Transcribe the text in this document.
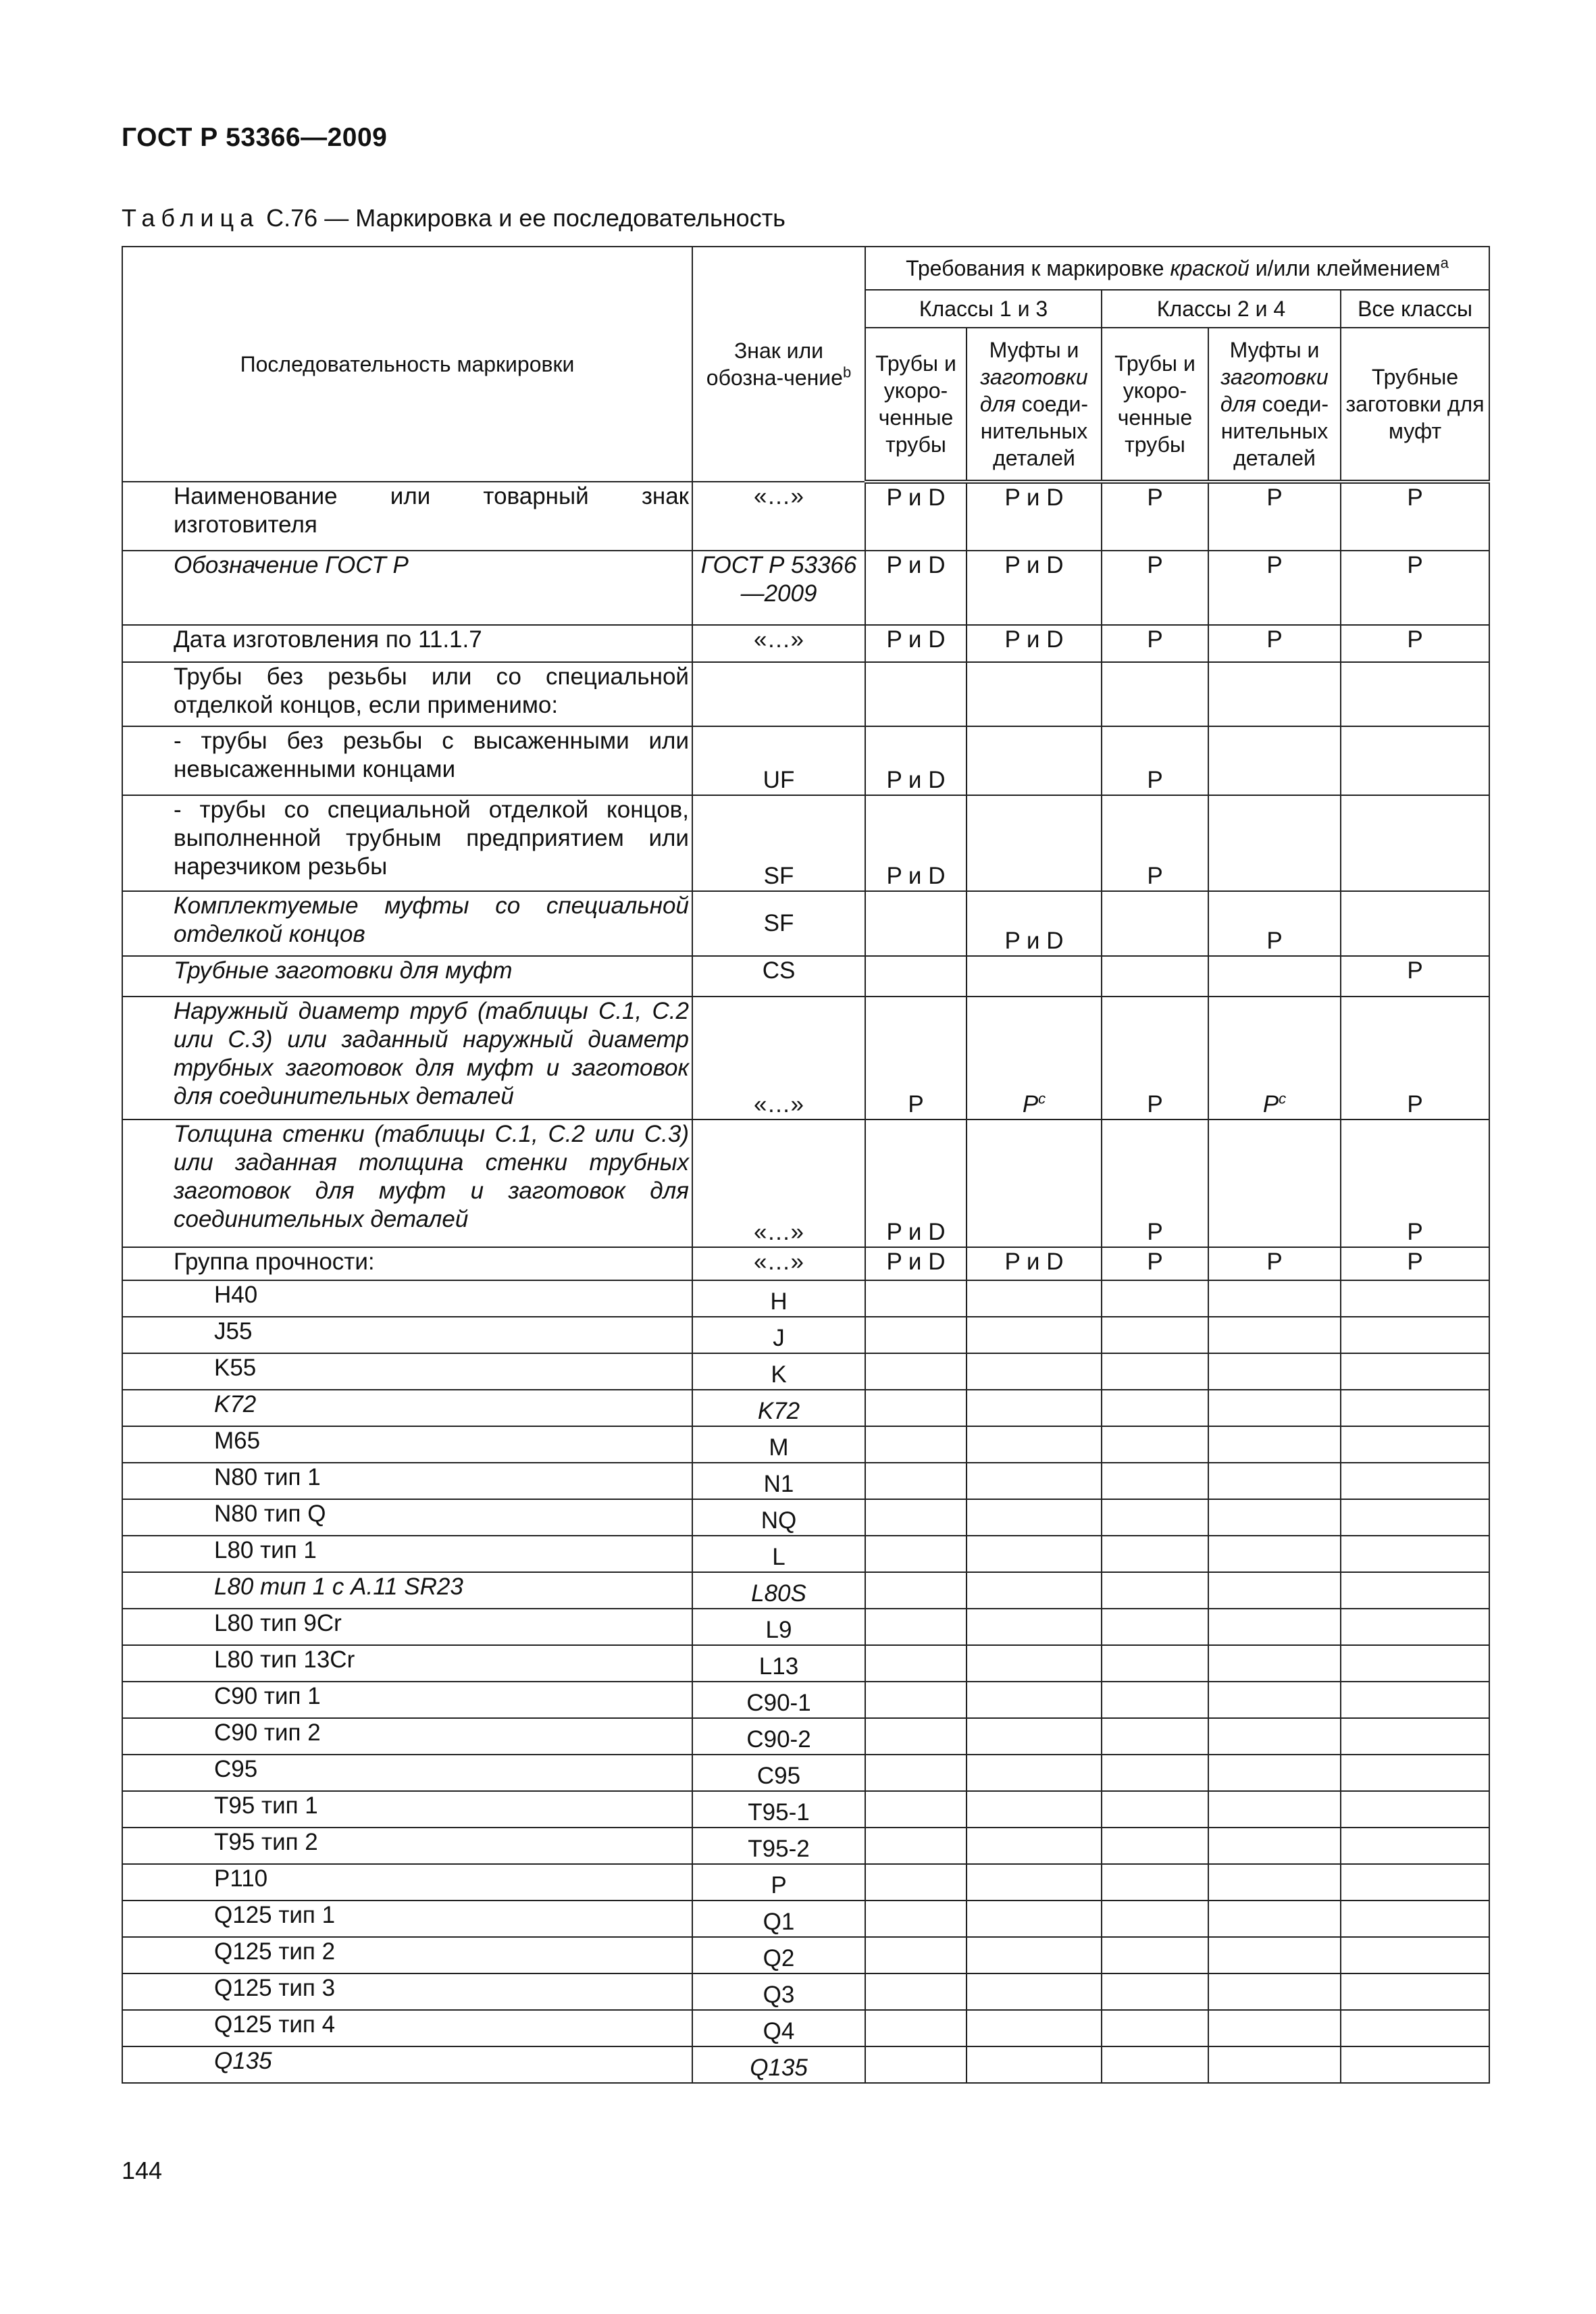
ГОСТ Р 53366—2009
Таблица С.76 — Маркировка и ее последовательность
Последовательность маркировки	Знак или обозна-чение$^b$	Требования к маркировке краской и/или клеймением$^a$
		Классы 1 и 3		Классы 2 и 4		Все классы
		Трубы и укоро-ченные трубы	Муфты и заготовки для соеди-нительных деталей	Трубы и укоро-ченные трубы	Муфты и заготовки для соеди-нительных деталей	Трубные заготовки для муфт
Наименование или товарный знак изготовителя	«…»	P и D	P и D	P	P	P
Обозначение ГОСТ Р	ГОСТ Р 53366—2009	P и D	P и D	P	P	P
Дата изготовления по 11.1.7	«…»	P и D	P и D	P	P	P
Трубы без резьбы или со специальной отделкой концов, если применимо:						
- трубы без резьбы с высаженными или невысаженными концами	UF	P и D		P		
- трубы со специальной отделкой концов, выполненной трубным предприятием или нарезчиком резьбы	SF	P и D		P		
Комплектуемые муфты со специальной отделкой концов	SF		P и D		P	
Трубные заготовки для муфт	CS					P
Наружный диаметр труб (таблицы С.1, С.2 или С.3) или заданный наружный диаметр трубных заготовок для муфт и заготовок для соединительных деталей	«…»	P	$P^c$	P	$P^c$	P
Толщина стенки (таблицы С.1, С.2 или С.3) или заданная толщина стенки трубных заготовок для муфт и заготовок для соединительных деталей	«…»	P и D		P		P
Группа прочности:	«…»	P и D	P и D	P	P	P
H40	H					
J55	J					
K55	K					
K72	K72					
M65	M					
N80 тип 1	N1					
N80 тип Q	NQ					
L80 тип 1	L					
L80 тип 1 с А.11 SR23	L80S					
L80 тип 9Cr	L9					
L80 тип 13Cr	L13					
C90 тип 1	C90-1					
C90 тип 2	C90-2					
C95	C95					
T95 тип 1	T95-1					
T95 тип 2	T95-2					
P110	P					
Q125 тип 1	Q1					
Q125 тип 2	Q2					
Q125 тип 3	Q3					
Q125 тип 4	Q4					
Q135	Q135					
144
